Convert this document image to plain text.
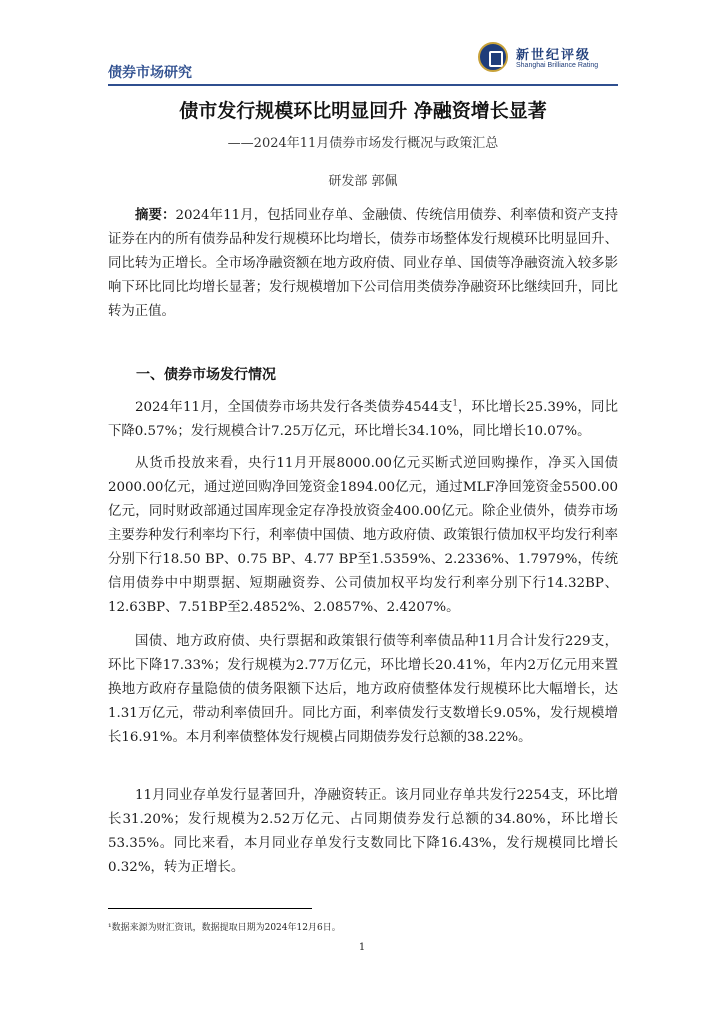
债券市场研究
新世纪评级
Shanghai Brilliance Rating
债市发行规模环比明显回升 净融资增长显著
——2024年11月债券市场发行概况与政策汇总
研发部 郭佩
摘要：2024年11月，包括同业存单、金融债、传统信用债券、利率债和资产支持证券在内的所有债券品种发行规模环比均增长，债券市场整体发行规模环比明显回升、同比转为正增长。全市场净融资额在地方政府债、同业存单、国债等净融资流入较多影响下环比同比均增长显著；发行规模增加下公司信用类债券净融资环比继续回升，同比转为正值。
一、债券市场发行情况
2024年11月，全国债券市场共发行各类债券4544支$^1$，环比增长25.39%，同比下降0.57%；发行规模合计7.25万亿元，环比增长34.10%，同比增长10.07%。
从货币投放来看，央行11月开展8000.00亿元买断式逆回购操作，净买入国债2000.00亿元，通过逆回购净回笼资金1894.00亿元，通过MLF净回笼资金5500.00亿元，同时财政部通过国库现金定存净投放资金400.00亿元。除企业债外，债券市场主要券种发行利率均下行，利率债中国债、地方政府债、政策银行债加权平均发行利率分别下行18.50 BP、0.75 BP、4.77 BP至1.5359%、2.2336%、1.7979%，传统信用债券中中期票据、短期融资券、公司债加权平均发行利率分别下行14.32BP、12.63BP、7.51BP至2.4852%、2.0857%、2.4207%。
国债、地方政府债、央行票据和政策银行债等利率债品种11月合计发行229支，环比下降17.33%；发行规模为2.77万亿元，环比增长20.41%，年内2万亿元用来置换地方政府存量隐债的债务限额下达后，地方政府债整体发行规模环比大幅增长，达1.31万亿元，带动利率债回升。同比方面，利率债发行支数增长9.05%，发行规模增长16.91%。本月利率债整体发行规模占同期债券发行总额的38.22%。
11月同业存单发行显著回升，净融资转正。该月同业存单共发行2254支，环比增长31.20%；发行规模为2.52万亿元、占同期债券发行总额的34.80%，环比增长53.35%。同比来看，本月同业存单发行支数同比下降16.43%，发行规模同比增长0.32%，转为正增长。
¹数据来源为财汇资讯，数据提取日期为2024年12月6日。
1
